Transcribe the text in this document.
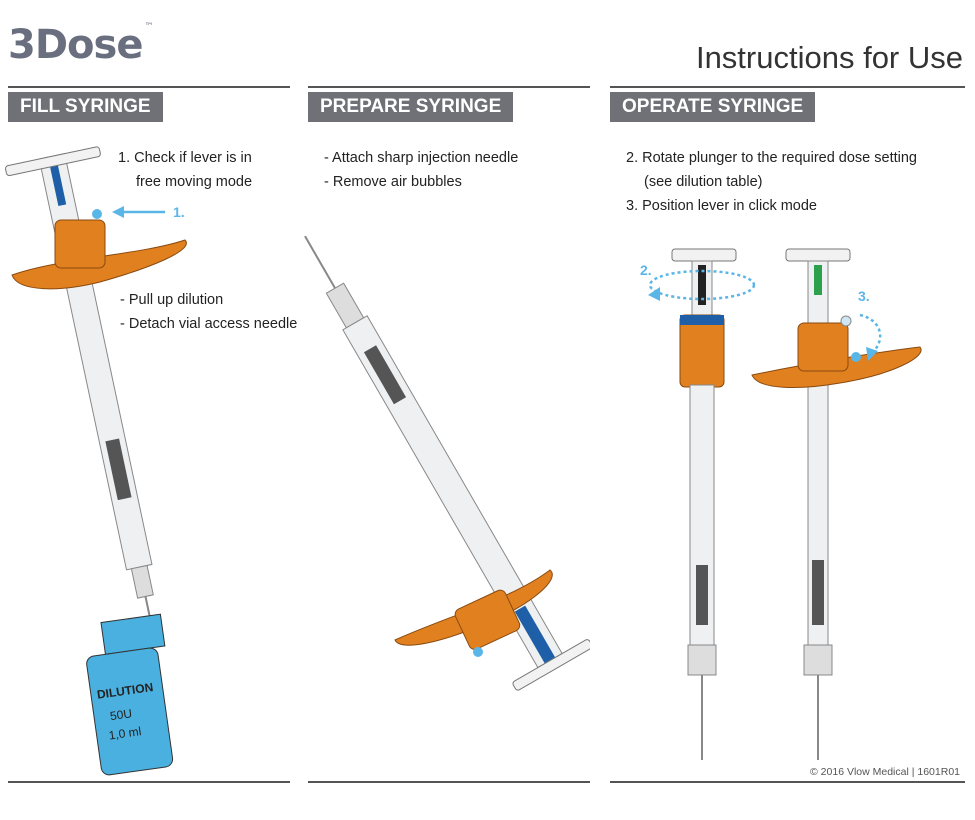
3Dose ™
Instructions for Use
FILL SYRINGE
1. Check if lever is in
free moving mode
- Pull up dilution
- Detach vial access needle
1.
DILUTION
50U
1,0 ml
PREPARE SYRINGE
- Attach sharp injection needle
- Remove air bubbles
OPERATE SYRINGE
2. Rotate plunger to the required dose setting
(see dilution table)
3. Position lever in click mode
2.
3.
© 2016 Vlow Medical | 1601R01
